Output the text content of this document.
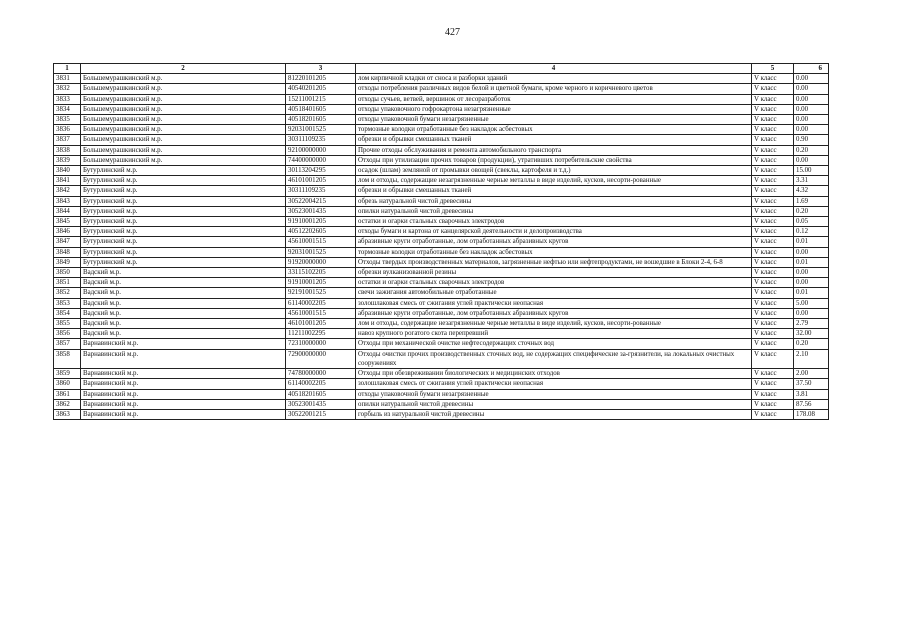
427
1	2	3	4	5	6
3831	Большемурашкинский м.р.	81220101205	лом кирпичной кладки от сноса и разборки зданий	V класс	0.00
3832	Большемурашкинский м.р.	40540201205	отходы потребления различных видов бeлой и цветной бумаги, кроме черного и коричневого цветов	V класс	0.00
3833	Большемурашкинский м.р.	15211001215	отходы сучьев, ветвей, вершинок от лесоразработок	V класс	0.00
3834	Большемурашкинский м.р.	40518401605	отходы упаковочного гофрокартона незагрязненные	V класс	0.00
3835	Большемурашкинский м.р.	40518201605	отходы упаковочной бумаги незагрязненные	V класс	0.00
3836	Большемурашкинский м.р.	92031001525	тормозные колодки отработанные без накладок асбестовых	V класс	0.00
3837	Большемурашкинский м.р.	30311109235	обрезки и обрывки смешанных тканей	V класс	0.90
3838	Большемурашкинский м.р.	92100000000	Прочие отходы обслуживания и ремонта автомобильного транспорта	V класс	0.20
3839	Большемурашкинский м.р.	74400000000	Отходы при утилизации прочих товаров (продукции), утративших потребительские свойства	V класс	0.00
3840	Бутурлинский м.р.	30113204295	осадок (шлам) земляной от промывки овощей (свеклы, картофеля и т.д.)	V класс	15.00
3841	Бутурлинский м.р.	46101001205	лом и отходы, содержащие незагрязненные черные металлы в виде изделий, кусков, несорти-рованные	V класс	3.31
3842	Бутурлинский м.р.	30311109235	обрезки и обрывки смешанных тканей	V класс	4.32
3843	Бутурлинский м.р.	30522004215	обрезь натуральной чистой древесины	V класс	1.69
3844	Бутурлинский м.р.	30523001435	опилки натуральной чистой древесины	V класс	0.20
3845	Бутурлинский м.р.	91910001205	остатки и огарки стальных сварочных электродов	V класс	0.05
3846	Бутурлинский м.р.	40512202605	отходы бумаги и картона от канцелярской деятельности и делопроизводства	V класс	0.12
3847	Бутурлинский м.р.	45610001515	абразивные круги отработанные, лом отработанных абразивных кругов	V класс	0.01
3848	Бутурлинский м.р.	92031001525	тормозные колодки отработанные без накладок асбестовых	V класс	0.00
3849	Бутурлинский м.р.	91920000000	Отходы твердых производственных материалов, загрязненные нефтью или нефтепродуктами, не вошедшие в Блоки 2-4, 6-8	V класс	0.01
3850	Вадский м.р.	33115102205	обрезки вулканизованной резины	V класс	0.00
3851	Вадский м.р.	91910001205	остатки и огарки стальных сварочных электродов	V класс	0.00
3852	Вадский м.р.	92191001525	свечи зажигания автомобильные отработанные	V класс	0.01
3853	Вадский м.р.	61140002205	золошлаковая смесь от сжигания углей практически неопасная	V класс	5.00
3854	Вадский м.р.	45610001515	абразивные круги отработанные, лом отработанных абразивных кругов	V класс	0.00
3855	Вадский м.р.	46101001205	лом и отходы, содержащие незагрязненные черные металлы в виде изделий, кусков, несорти-рованные	V класс	2.79
3856	Вадский м.р.	11211002295	навоз крупного рогатого скота перепревший	V класс	32.00
3857	Варнавинский м.р.	72310000000	Отходы при механической очистке нефтесодержащих сточных вод	V класс	0.20
3858	Варнавинский м.р.	72900000000	Отходы очистки прочих производственных сточных вод, не содержащих специфические за-грязнители, на локальных очистных сооружениях	V класс	2.10
3859	Варнавинский м.р.	74780000000	Отходы при обезвреживании биологических и медицинских отходов	V класс	2.00
3860	Варнавинский м.р.	61140002205	золошлаковая смесь от сжигания углей практически неопасная	V класс	37.50
3861	Варнавинский м.р.	40518201605	отходы упаковочной бумаги незагрязненные	V класс	3.81
3862	Варнавинский м.р.	30523001435	опилки натуральной чистой древесины	V класс	87.56
3863	Варнавинский м.р.	30522001215	горбыль из натуральной чистой древесины	V класс	178.08
